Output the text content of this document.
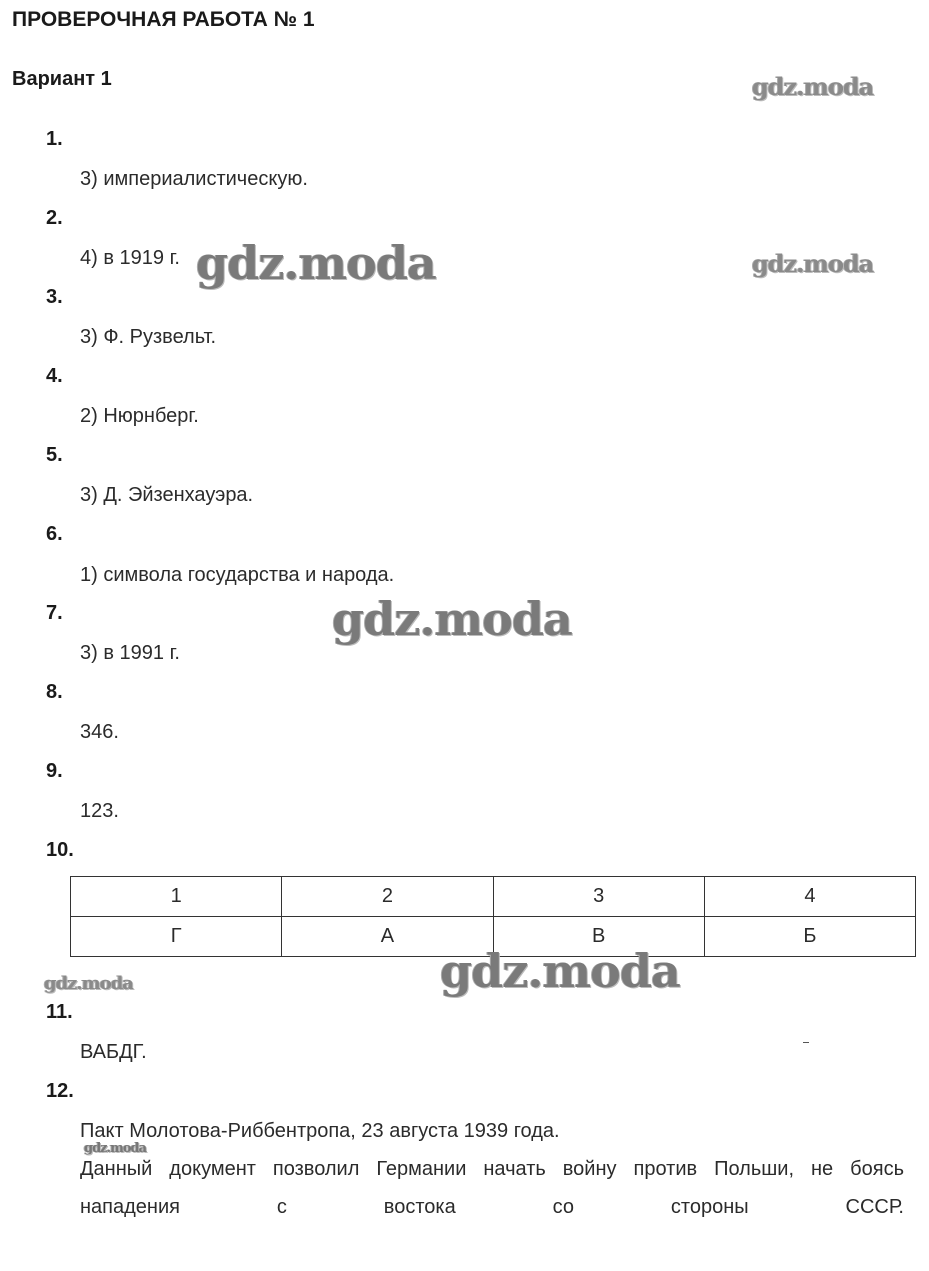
ПРОВЕРОЧНАЯ РАБОТА № 1
Вариант 1
1.
3) империалистическую.
2.
4) в 1919 г.
3.
3) Ф. Рузвельт.
4.
2) Нюрнберг.
5.
3) Д. Эйзенхауэра.
6.
1) символа государства и народа.
7.
3) в 1991 г.
8.
346.
9.
123.
10.
1	2	3	4
Г	А	В	Б
11.
ВАБДГ.
12.
Пакт Молотова-Риббентропа, 23 августа 1939 года.
Данный документ позволил Германии начать войну против Польши, не боясь нападения с востока со стороны СССР.
gdz.moda
gdz.moda	gdz.moda
gdz.moda
gdz.moda
gdz.moda
gdz.moda
